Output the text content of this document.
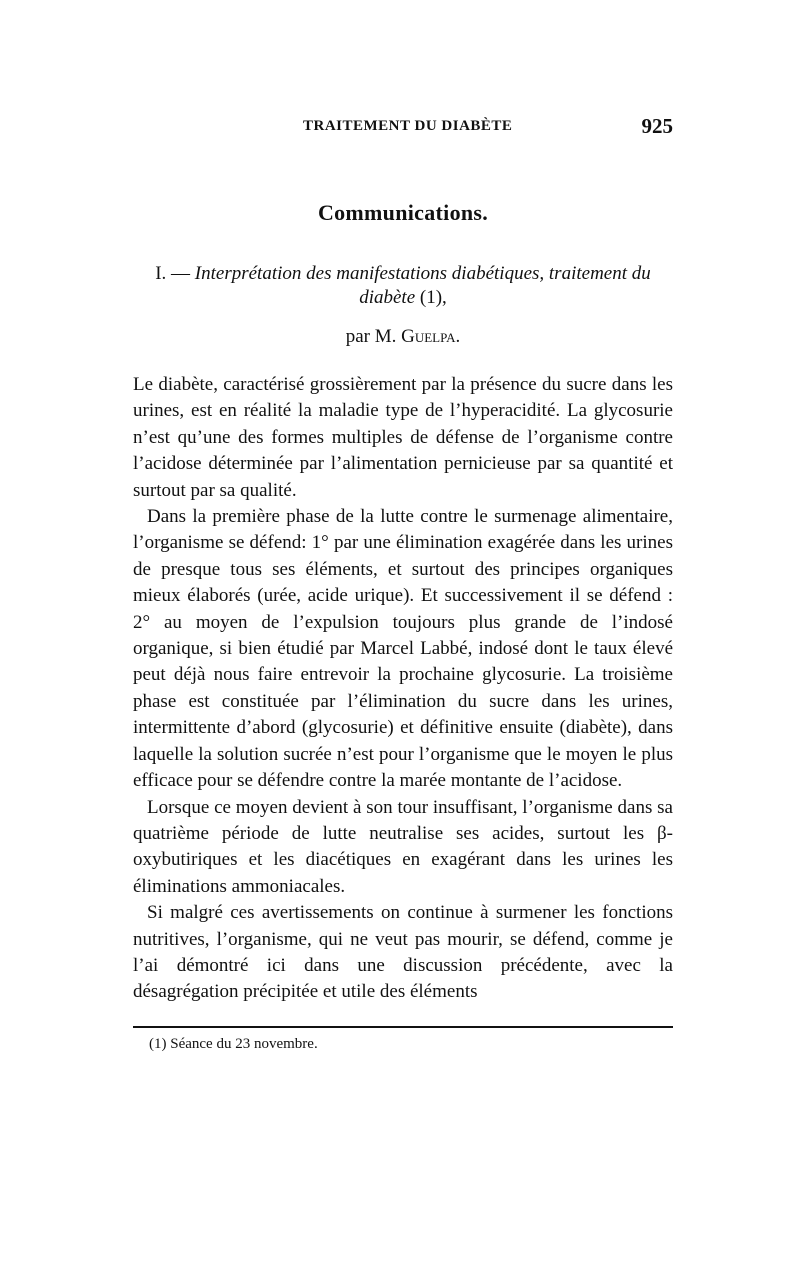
TRAITEMENT DU DIABÈTE	925
Communications.
I. — Interprétation des manifestations diabétiques, traitement du diabète (1),
par M. Guelpa.

Le diabète, caractérisé grossièrement par la présence du sucre dans les urines, est en réalité la maladie type de l’hyperacidité. La glycosurie n’est qu’une des formes multiples de défense de l’organisme contre l’acidose déterminée par l’alimentation pernicieuse par sa quantité et surtout par sa qualité.

Dans la première phase de la lutte contre le surmenage alimentaire, l’organisme se défend: 1° par une élimination exagérée dans les urines de presque tous ses éléments, et surtout des principes organiques mieux élaborés (urée, acide urique). Et successivement il se défend : 2° au moyen de l’expulsion toujours plus grande de l’indosé organique, si bien étudié par Marcel Labbé, indosé dont le taux élevé peut déjà nous faire entrevoir la prochaine glycosurie. La troisième phase est constituée par l’élimination du sucre dans les urines, intermittente d’abord (glycosurie) et définitive ensuite (diabète), dans laquelle la solution sucrée n’est pour l’organisme que le moyen le plus efficace pour se défendre contre la marée montante de l’acidose.

Lorsque ce moyen devient à son tour insuffisant, l’organisme dans sa quatrième période de lutte neutralise ses acides, surtout les β-oxybutiriques et les diacétiques en exagérant dans les urines les éliminations ammoniacales.

Si malgré ces avertissements on continue à surmener les fonctions nutritives, l’organisme, qui ne veut pas mourir, se défend, comme je l’ai démontré ici dans une discussion précédente, avec la désagrégation précipitée et utile des éléments

(1) Séance du 23 novembre.
